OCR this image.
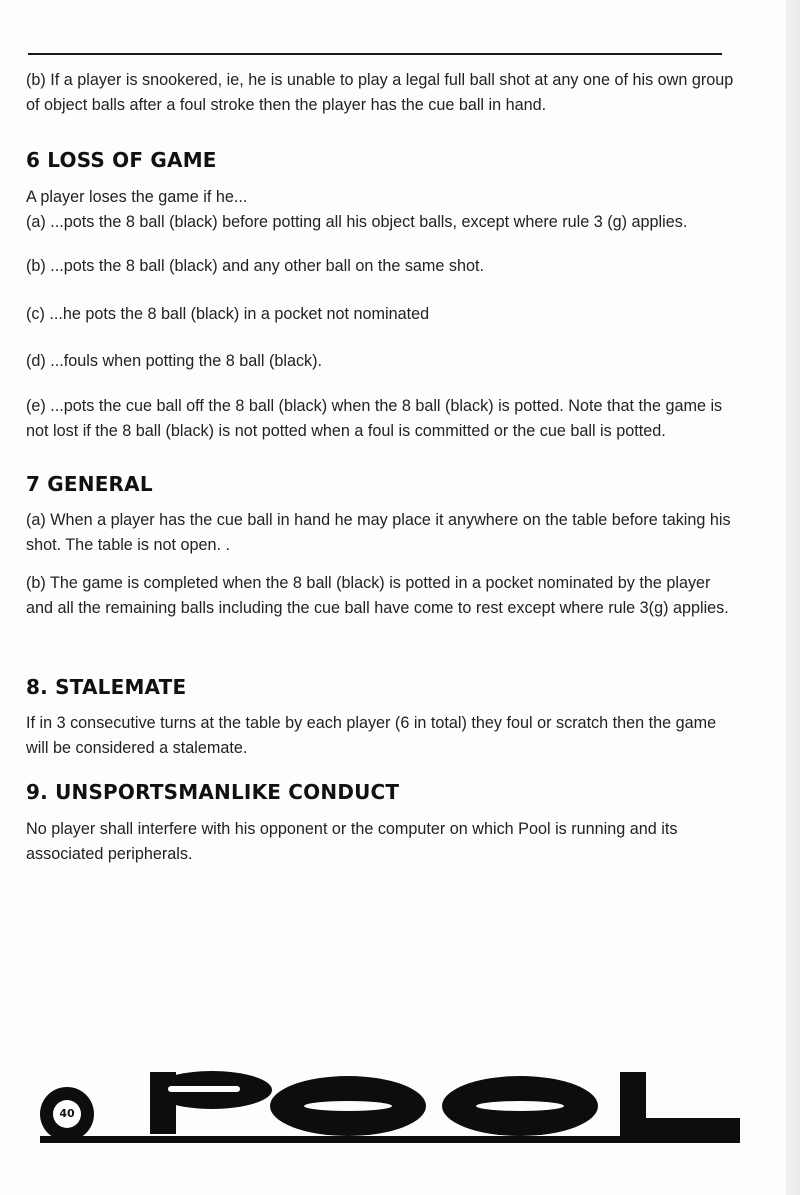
(b) If a player is snookered, ie, he is unable to play a legal full ball shot at any one of his own group of object balls after a foul stroke then the player has the cue ball in hand.

6 LOSS OF GAME

A player loses the game if he...

(a) ...pots the 8 ball (black) before potting all his object balls, except where rule 3 (g) applies.

(b) ...pots the 8 ball (black) and any other ball on the same shot.

(c) ...he pots the 8 ball (black) in a pocket not nominated

(d) ...fouls when potting the 8 ball (black).

(e) ...pots the cue ball off the 8 ball (black) when the 8 ball (black) is potted. Note that the game is not lost if the 8 ball (black) is not potted when a foul is committed or the cue ball is potted.

7 GENERAL

(a) When a player has the cue ball in hand he may place it anywhere on the table before taking his shot. The table is not open. .

(b) The game is completed when the 8 ball (black) is potted in a pocket nominated by the player and all the remaining balls including the cue ball have come to rest except where rule 3(g) applies.

8. STALEMATE

If in 3 consecutive turns at the table by each player (6 in total) they foul or scratch then the game will be considered a stalemate.

9. UNSPORTSMANLIKE CONDUCT

No player shall interfere with his opponent or the computer on which Pool is running and its associated peripherals.

40
